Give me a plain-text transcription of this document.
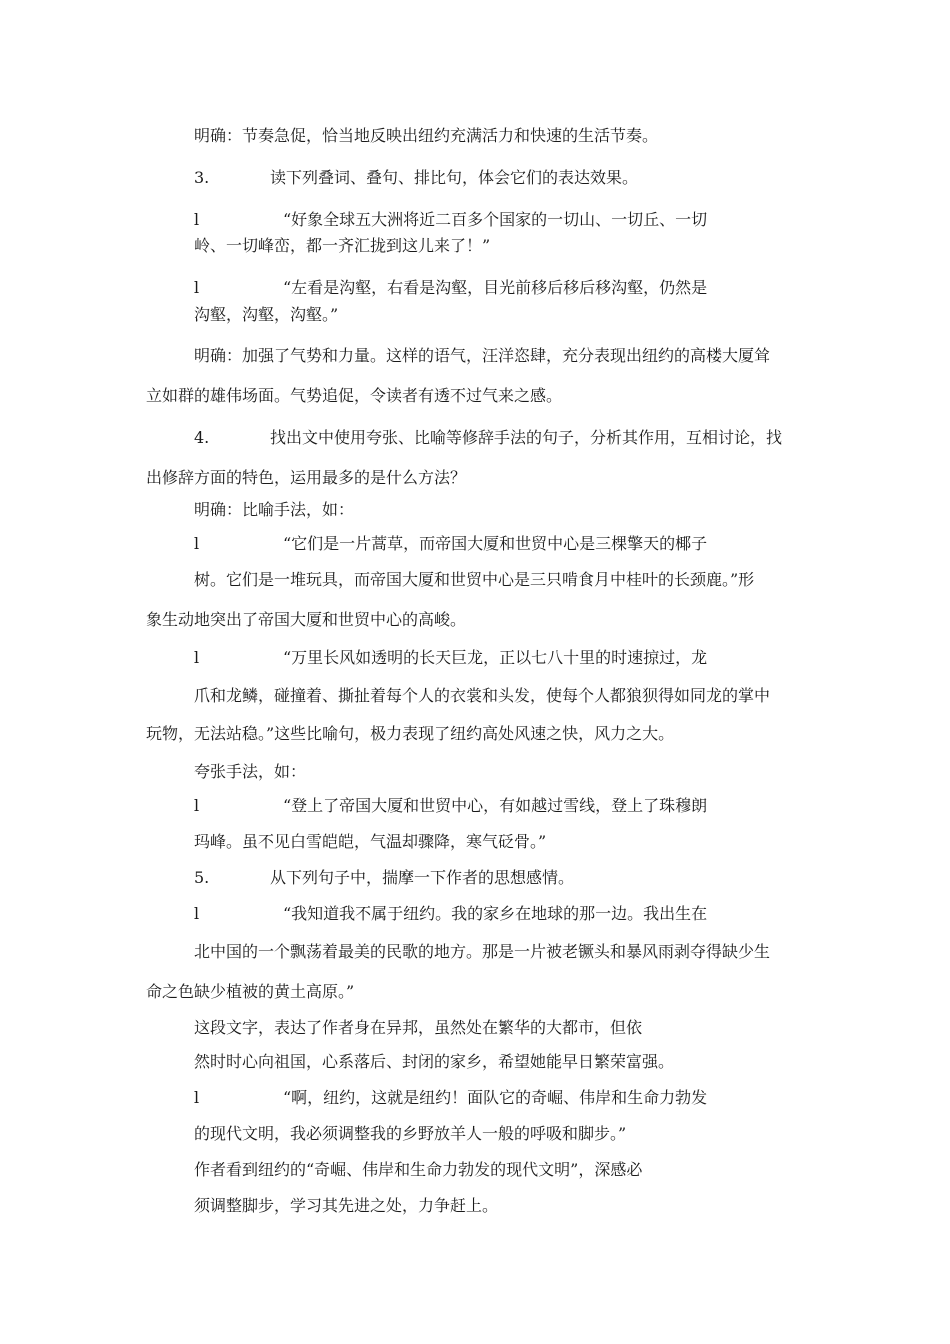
明确：节奏急促，恰当地反映出纽约充满活力和快速的生活节奏。
3.	读下列叠词、叠句、排比句，体会它们的表达效果。
l	“好象全球五大洲将近二百多个国家的一切山、一切丘、一切
岭、一切峰峦，都一齐汇拢到这儿来了！”
l	“左看是沟壑，右看是沟壑，目光前移后移后移沟壑，仍然是
沟壑，沟壑，沟壑。”
明确：加强了气势和力量。这样的语气，汪洋恣肆，充分表现出纽约的高楼大厦耸
立如群的雄伟场面。气势追促，令读者有透不过气来之感。
4.	找出文中使用夸张、比喻等修辞手法的句子，分析其作用，互相讨论，找
出修辞方面的特色，运用最多的是什么方法？
明确：比喻手法，如：
l	“它们是一片蒿草，而帝国大厦和世贸中心是三棵擎天的椰子
树。它们是一堆玩具，而帝国大厦和世贸中心是三只啃食月中桂叶的长颈鹿。”形
象生动地突出了帝国大厦和世贸中心的高峻。
l	“万里长风如透明的长天巨龙，正以七八十里的时速掠过，龙
爪和龙鳞，碰撞着、撕扯着每个人的衣裳和头发，使每个人都狼狈得如同龙的掌中
玩物，无法站稳。”这些比喻句，极力表现了纽约高处风速之快，风力之大。
夸张手法，如：
l	“登上了帝国大厦和世贸中心，有如越过雪线，登上了珠穆朗
玛峰。虽不见白雪皑皑，气温却骤降，寒气砭骨。”
5.	从下列句子中，揣摩一下作者的思想感情。
l	“我知道我不属于纽约。我的家乡在地球的那一边。我出生在
北中国的一个飘荡着最美的民歌的地方。那是一片被老镢头和暴风雨剥夺得缺少生
命之色缺少植被的黄土高原。”
这段文字，表达了作者身在异邦，虽然处在繁华的大都市，但依
然时时心向祖国，心系落后、封闭的家乡，希望她能早日繁荣富强。
l	“啊，纽约，这就是纽约！面队它的奇崛、伟岸和生命力勃发
的现代文明，我必须调整我的乡野放羊人一般的呼吸和脚步。”
作者看到纽约的“奇崛、伟岸和生命力勃发的现代文明”，深感必
须调整脚步，学习其先进之处，力争赶上。
